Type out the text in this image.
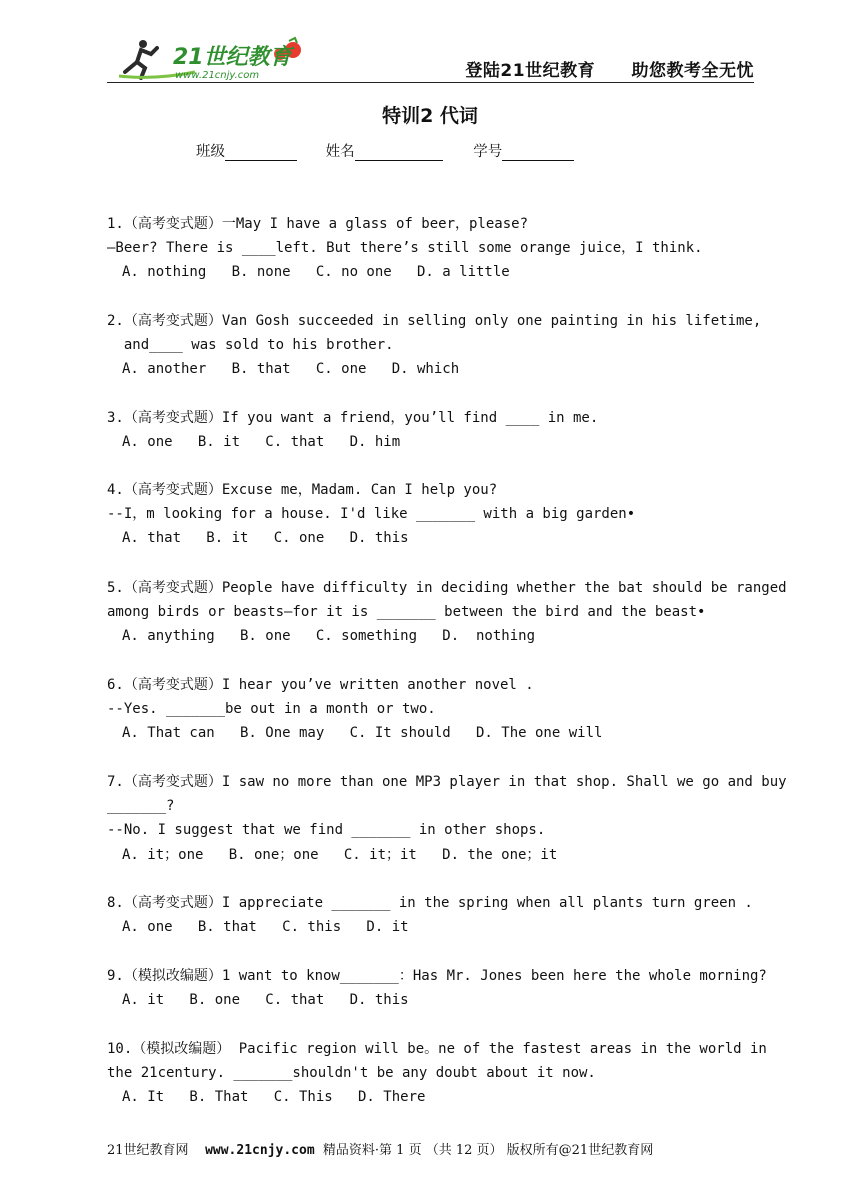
21世纪教育
www.21cnjy.com	登陆21世纪教育 助您教考全无忧
特训2 代词
班级	姓名	学号
1.（高考变式题）一May I have a glass of beer，please?
—Beer? There is ____left. But there’s still some orange juice，I think.
A. nothing   B. none   C. no one   D. a little
2.（高考变式题）Van Gosh succeeded in selling only one painting in his lifetime,
and____ was sold to his brother.
A. another   B. that   C. one   D. which
3.（高考变式题）If you want a friend，you’ll find ____ in me.
A. one   B. it   C. that   D. him
4.（高考变式题）Excuse me，Madam. Can I help you?
--I，m looking for a house. I'd like _______ with a big garden•
A. that   B. it   C. one   D. this
5.（高考变式题）People have difficulty in deciding whether the bat should be ranged
among birds or beasts—for it is _______ between the bird and the beast•
A. anything   B. one   C. something   D.  nothing
6.（高考变式题）I hear you’ve written another novel .
--Yes. _______be out in a month or two.
A. That can   B. One may   C. It should   D. The one will
7.（高考变式题）I saw no more than one MP3 player in that shop. Shall we go and buy
_______?
--No. I suggest that we find _______ in other shops.
A. it；one   B. one；one   C. it；it   D. the one；it
8.（高考变式题）I appreciate _______ in the spring when all plants turn green .
A. one   B. that   C. this   D. it
9.（模拟改编题）1 want to know_______：Has Mr. Jones been here the whole morning?
A. it   B. one   C. that   D. this
10.（模拟改编题） Pacific region will be。ne of the fastest areas in the world in
the 21century. _______shouldn't be any doubt about it now.
A. It   B. That   C. This   D. There
21世纪教育网 www.21cnjy.com 精品资料·第 1 页 （共 12 页） 版权所有@21世纪教育网
